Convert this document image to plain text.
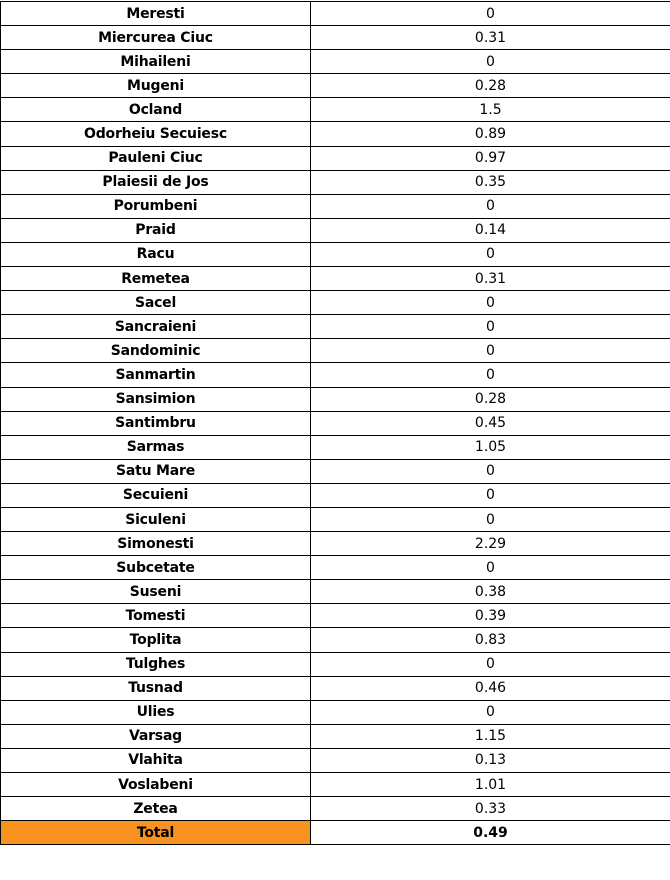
Meresti	0
Miercurea Ciuc	0.31
Mihaileni	0
Mugeni	0.28
Ocland	1.5
Odorheiu Secuiesc	0.89
Pauleni Ciuc	0.97
Plaiesii de Jos	0.35
Porumbeni	0
Praid	0.14
Racu	0
Remetea	0.31
Sacel	0
Sancraieni	0
Sandominic	0
Sanmartin	0
Sansimion	0.28
Santimbru	0.45
Sarmas	1.05
Satu Mare	0
Secuieni	0
Siculeni	0
Simonesti	2.29
Subcetate	0
Suseni	0.38
Tomesti	0.39
Toplita	0.83
Tulghes	0
Tusnad	0.46
Ulies	0
Varsag	1.15
Vlahita	0.13
Voslabeni	1.01
Zetea	0.33
Total	0.49
